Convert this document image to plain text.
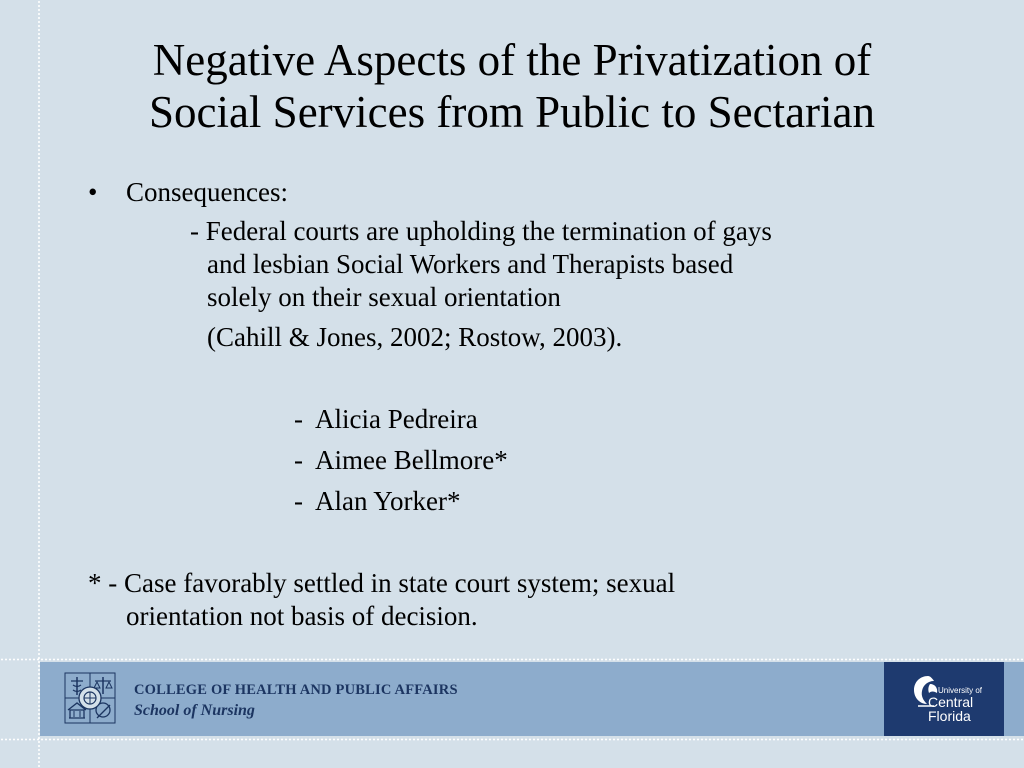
Negative Aspects of the Privatization of
Social Services from Public to Sectarian
• Consequences:
- Federal courts are upholding the termination of gays
and lesbian Social Workers and Therapists based
solely on their sexual orientation
(Cahill & Jones, 2002; Rostow, 2003).
-  Alicia Pedreira
-  Aimee Bellmore*
-  Alan Yorker*
* - Case favorably settled in state court system; sexual
orientation not basis of decision.
COLLEGE OF HEALTH AND PUBLIC AFFAIRS
School of Nursing
University of
Central
Florida
